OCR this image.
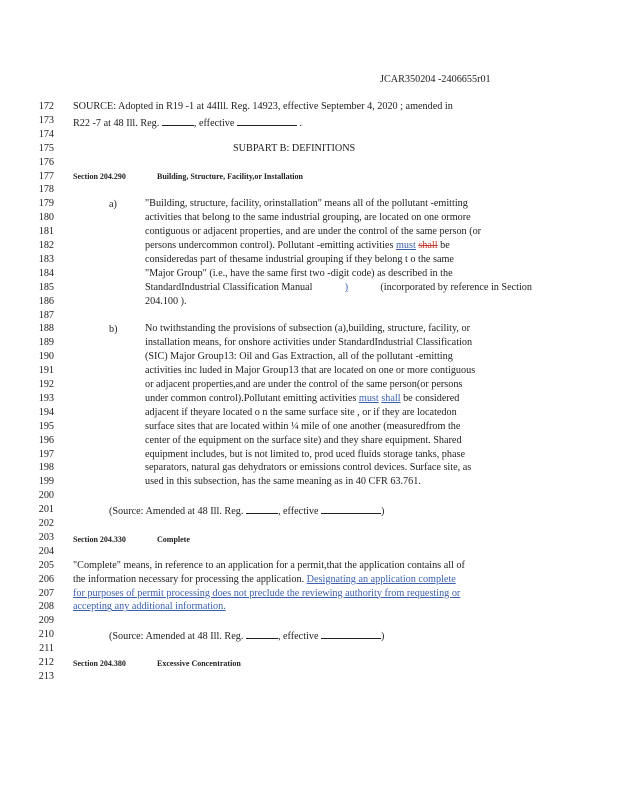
JCAR350204 -2406655r01
172
173
174
175
176
177
178
179
180
181
182
183
184
185
186
187
188
189
190
191
192
193
194
195
196
197
198
199
200
201
202
203
204
205
206
207
208
209
210
211
212
213
SOURCE: Adopted in R19 -1 at 44Ill. Reg. 14923, effective September 4, 2020 ; amended in
R22 -7 at 48 Ill. Reg.	, effective	.
SUBPART B: DEFINITIONS
Section 204.290	Building, Structure, Facility,or Installation
a)	"Building, structure, facility, orinstallation" means all of the pollutant -emitting
activities that belong to the same industrial grouping, are located on one ormore
contiguous or adjacent properties, and are under the control of the same person (or
persons undercommon control). Pollutant -emitting activities must shall be
consideredas part of thesame industrial grouping if they belong t o the same
"Major Group" (i.e., have the same first two -digit code) as described in the
StandardIndustrial Classification Manual	)	(incorporated by reference in Section
204.100 ).
b)	No twithstanding the provisions of subsection (a),building, structure, facility, or
installation means, for onshore activities under StandardIndustrial Classification
(SIC) Major Group13: Oil and Gas Extraction, all of the pollutant -emitting
activities inc luded in Major Group13 that are located on one or more contiguous
or adjacent properties,and are under the control of the same person(or persons
under common control).Pollutant emitting activities must shall be considered
adjacent if theyare located o n the same surface site , or if they are locatedon
surface sites that are located within ¼ mile of one another (measuredfrom the
center of the equipment on the surface site) and they share equipment. Shared
equipment includes, but is not limited to, prod uced fluids storage tanks, phase
separators, natural gas dehydrators or emissions control devices. Surface site, as
used in this subsection, has the same meaning as in 40 CFR 63.761.
(Source: Amended at 48 Ill. Reg.	, effective	)
Section 204.330	Complete
"Complete" means, in reference to an application for a permit,that the application contains all of
the information necessary for processing the application. Designating an application complete
for purposes of permit processing does not preclude the reviewing authority from requesting or
accepting any additional information.
(Source: Amended at 48 Ill. Reg.	, effective	)
Section 204.380	Excessive Concentration
